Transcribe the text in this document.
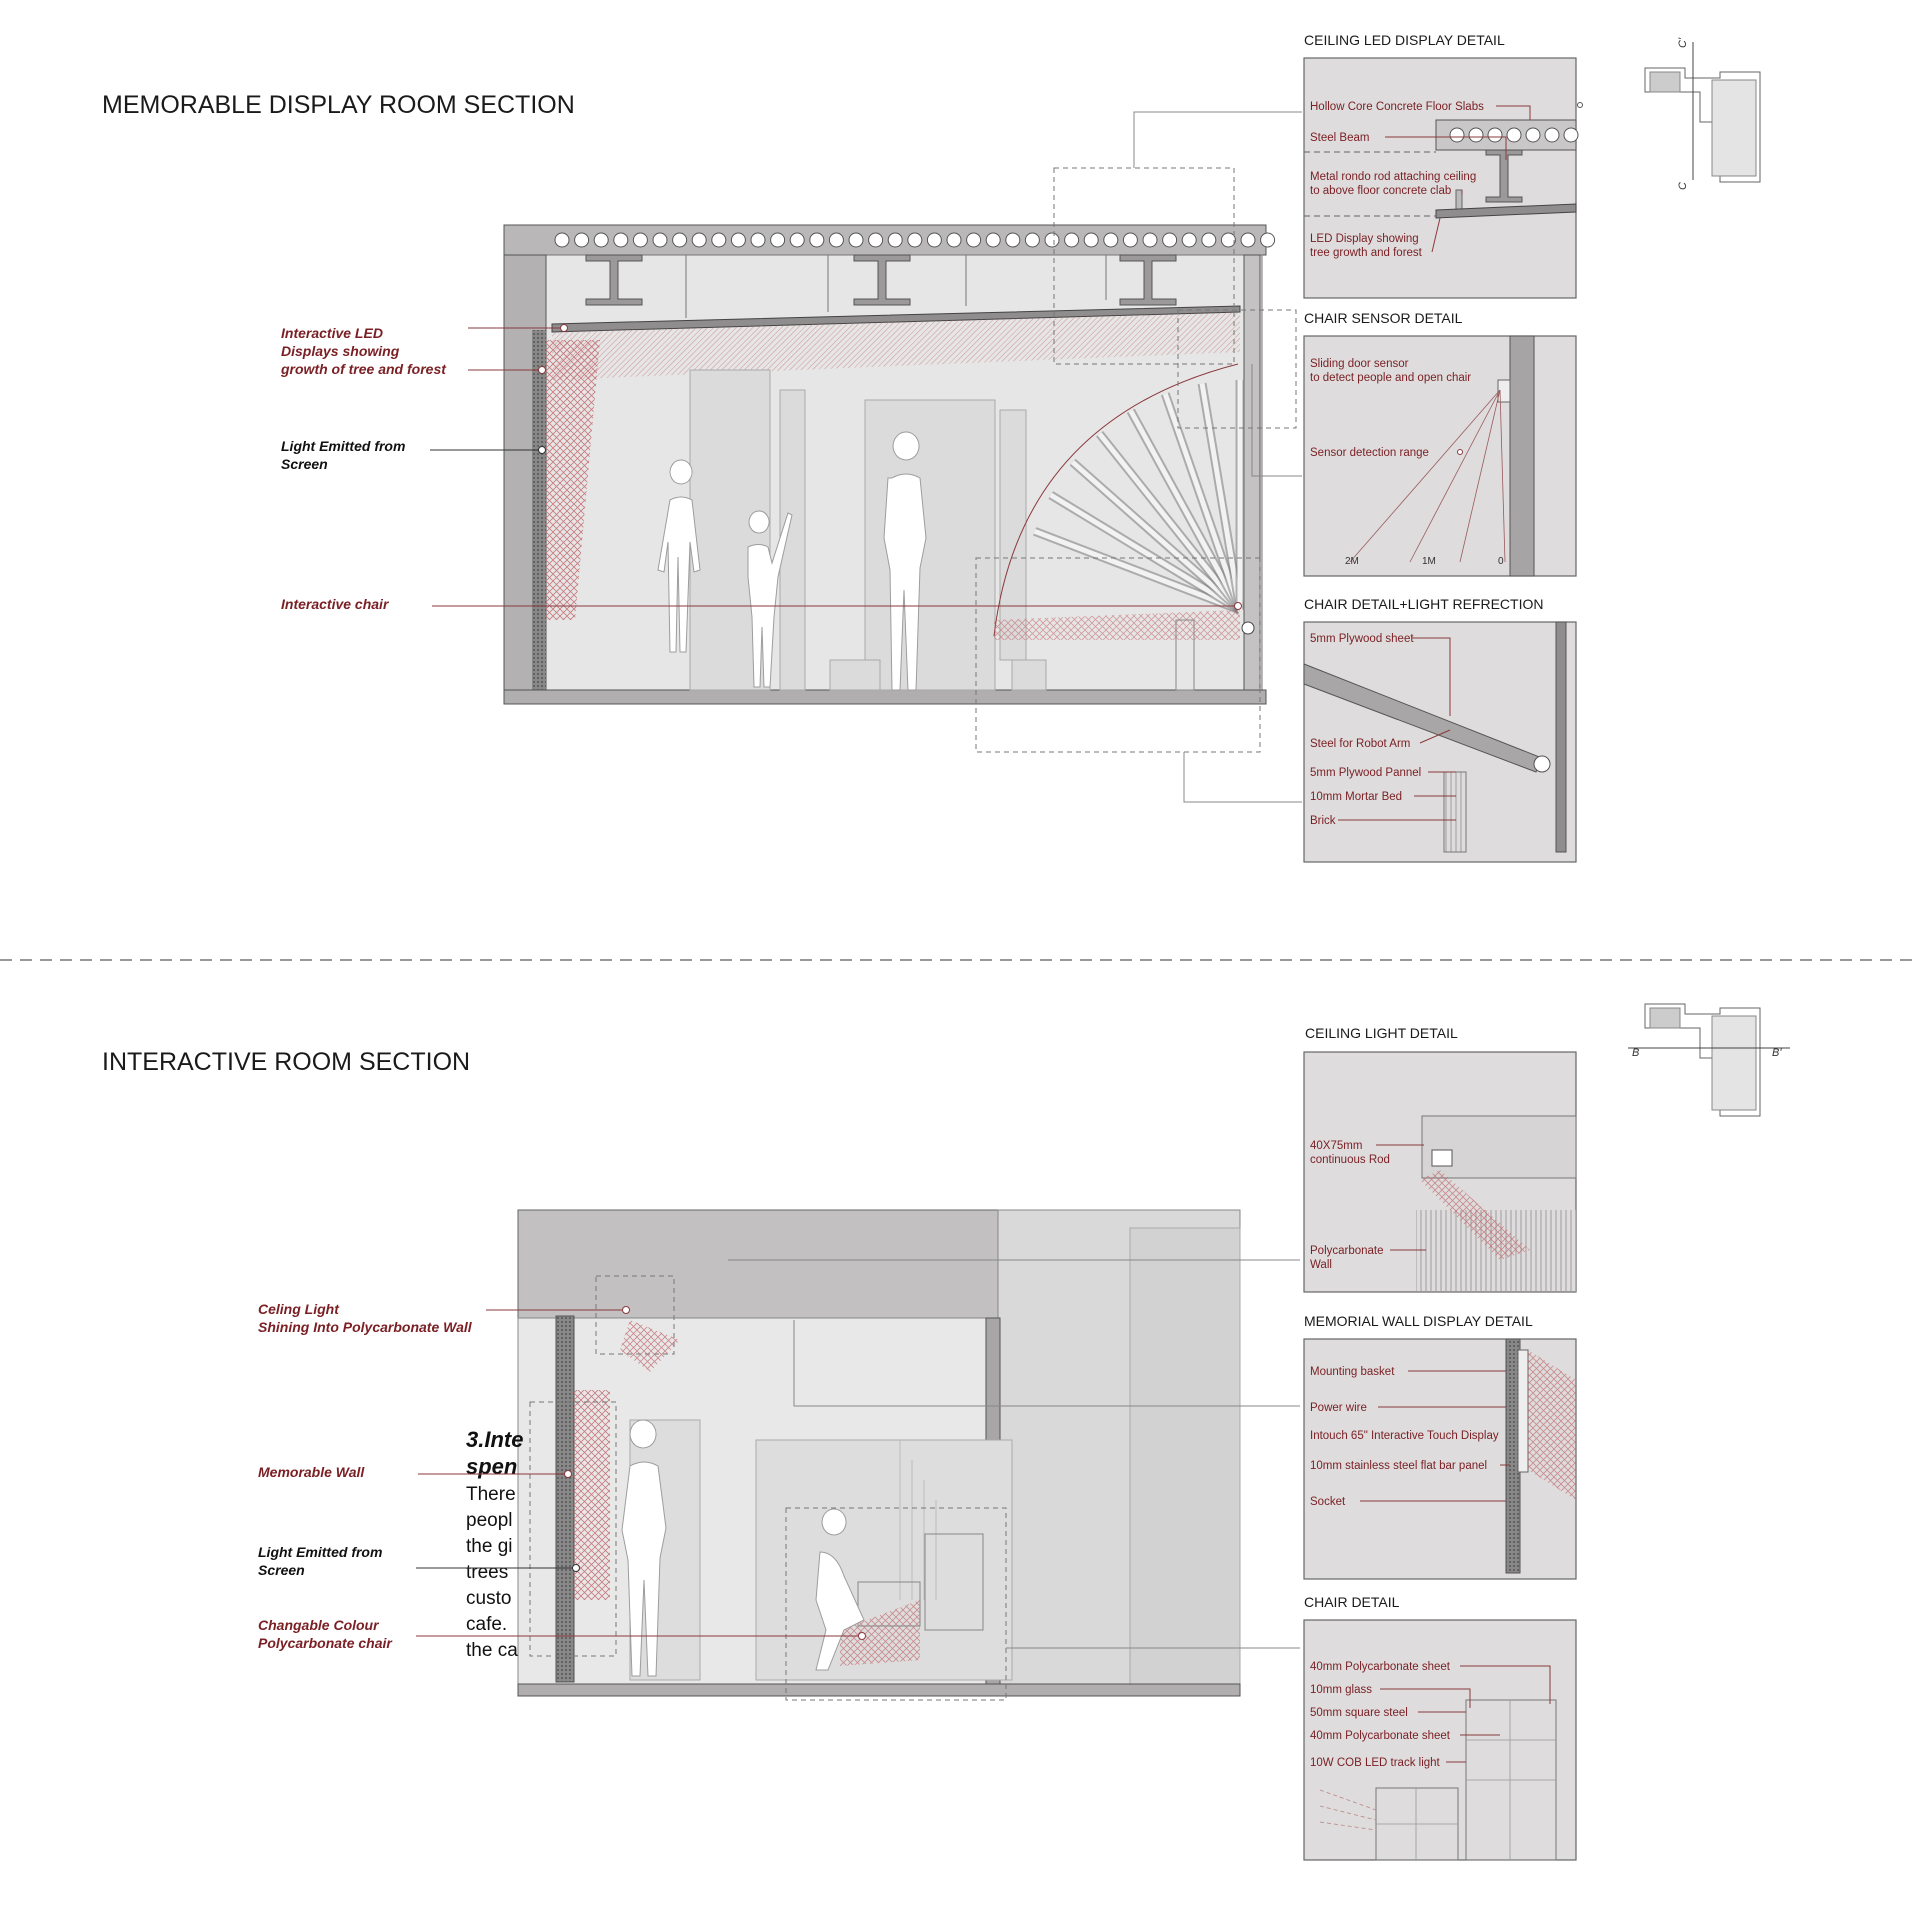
MEMORABLE DISPLAY ROOM SECTION
Interactive LED
Displays showing
growth of tree and forest
Light Emitted from
Screen
Interactive chair
CEILING LED DISPLAY DETAIL
Hollow Core Concrete Floor Slabs
Steel Beam
Metal rondo rod attaching ceiling
to above floor concrete clab
LED Display showing
tree growth and forest
CHAIR SENSOR DETAIL
Sliding door sensor
to detect people and open chair
Sensor detection range
2M	1M	0
CHAIR DETAIL+LIGHT REFRECTION
5mm Plywood sheet
Steel for Robot Arm
5mm Plywood Pannel
10mm Mortar Bed
Brick
C'
C
INTERACTIVE ROOM SECTION
3.Inte
spen
There
peopl
the gi
trees
custo
cafe.
the ca
Celing Light
Shining Into Polycarbonate Wall
Memorable Wall
Light Emitted from
Screen
Changable Colour
Polycarbonate chair
CEILING LIGHT DETAIL
40X75mm
continuous Rod
Polycarbonate
Wall
MEMORIAL WALL DISPLAY DETAIL
Mounting basket
Power wire
Intouch 65" Interactive Touch Display
10mm stainless steel flat bar panel
Socket
CHAIR DETAIL
40mm Polycarbonate sheet
10mm glass
50mm square steel
40mm Polycarbonate sheet
10W COB LED track light
B	B'
